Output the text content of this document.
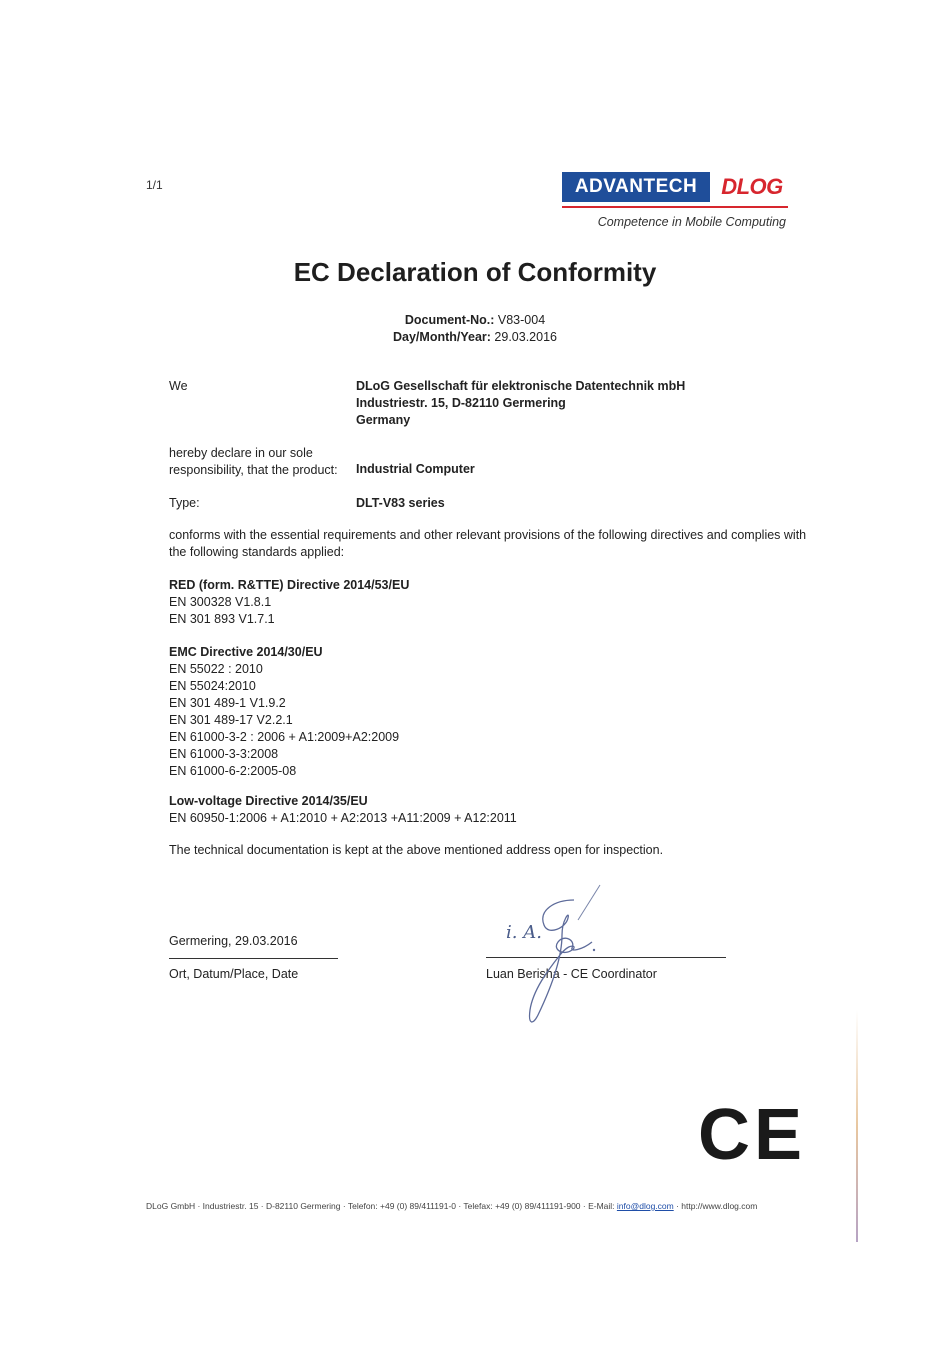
1/1	ADVANTECH	DLOG
Competence in Mobile Computing
EC Declaration of Conformity
Document-No.: V83-004
Day/Month/Year: 29.03.2016
We	DLoG Gesellschaft für elektronische Datentechnik mbH
Industriestr. 15, D-82110 Germering
Germany
hereby declare in our sole
responsibility, that the product: Industrial Computer
Type:	DLT-V83 series
conforms with the essential requirements and other relevant provisions of the following directives and complies with
the following standards applied:
RED (form. R&TTE) Directive 2014/53/EU
EN 300328 V1.8.1
EN 301 893 V1.7.1
EMC Directive 2014/30/EU
EN 55022 : 2010
EN 55024:2010
EN 301 489-1 V1.9.2
EN 301 489-17 V2.2.1
EN 61000-3-2 : 2006 + A1:2009+A2:2009
EN 61000-3-3:2008
EN 61000-6-2:2005-08
Low-voltage Directive 2014/35/EU
EN 60950-1:2006 + A1:2010 + A2:2013 +A11:2009 + A12:2011
The technical documentation is kept at the above mentioned address open for inspection.
Germering, 29.03.2016
Ort, Datum/Place, Date	Luan Berisha - CE Coordinator
i. A.
CE
DLoG GmbH · Industriestr. 15 · D-82110 Germering · Telefon: +49 (0) 89/411191-0 · Telefax: +49 (0) 89/411191-900 · E-Mail: info@dlog.com · http://www.dlog.com
